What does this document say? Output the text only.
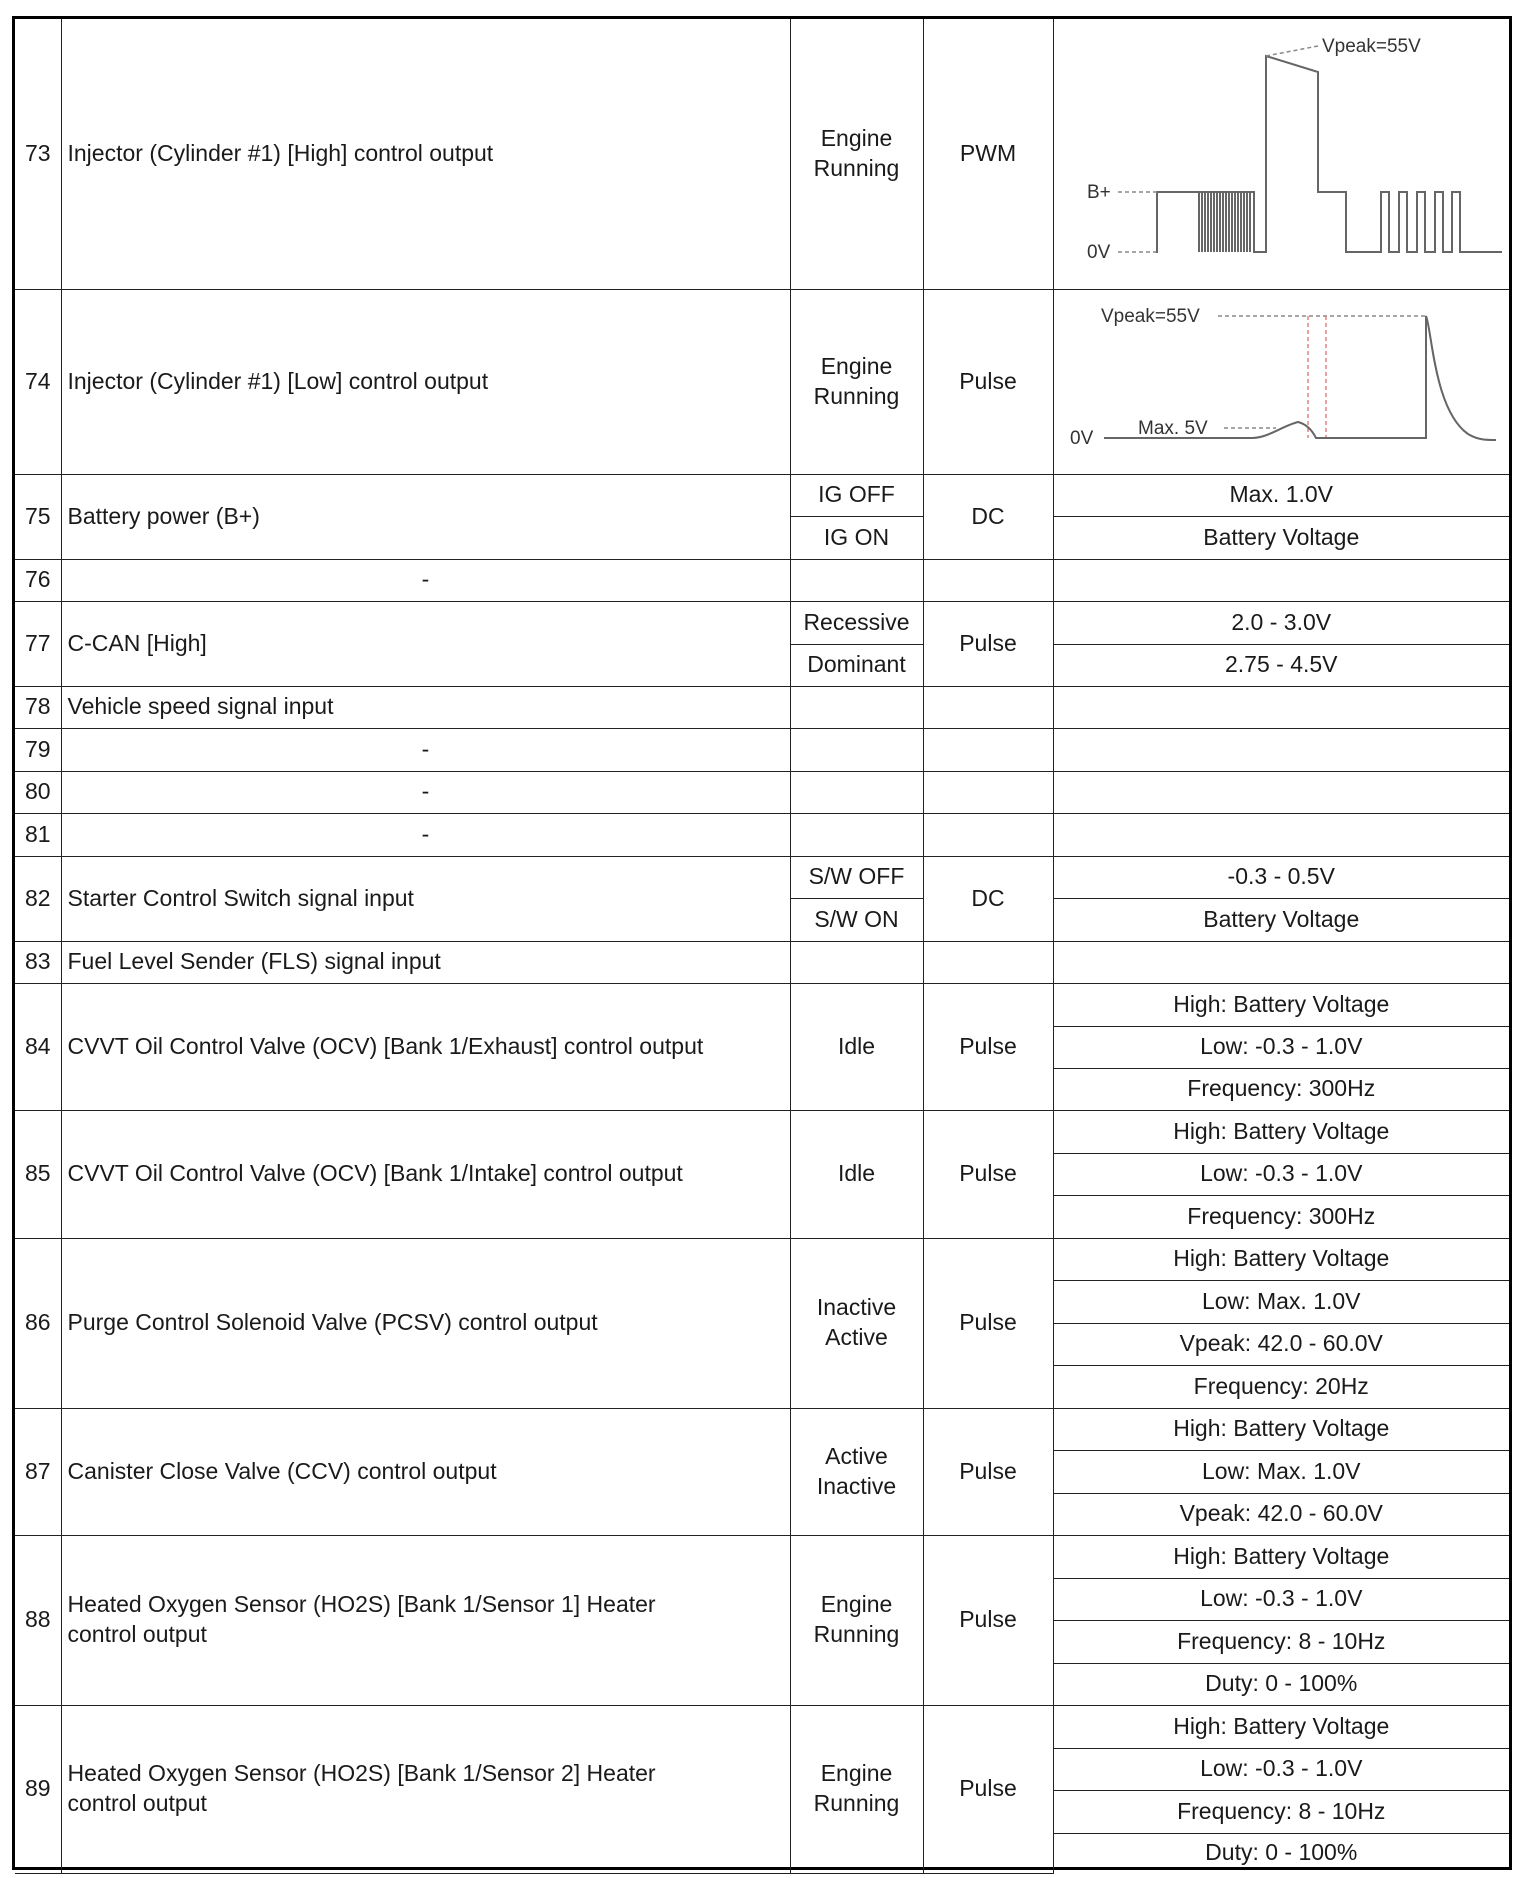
73	Injector (Cylinder #1) [High] control output	Engine
Running	PWM	Vpeak=55V
B+
0V

74	Injector (Cylinder #1) [Low] control output	Engine
Running	Pulse	Vpeak=55V
Max. 5V
0V

75	Battery power (B+)	IG OFF	DC	Max. 1.0V
		IG ON		Battery Voltage
76	-			
77	C-CAN [High]	Recessive	Pulse	2.0 - 3.0V
		Dominant		2.75 - 4.5V
78	Vehicle speed signal input			
79	-			
80	-			
81	-			
82	Starter Control Switch signal input	S/W OFF	DC	-0.3 - 0.5V
		S/W ON		Battery Voltage
83	Fuel Level Sender (FLS) signal input			
84	CVVT Oil Control Valve (OCV) [Bank 1/Exhaust] control output	Idle	Pulse	High: Battery Voltage
				Low: -0.3 - 1.0V
				Frequency: 300Hz
85	CVVT Oil Control Valve (OCV) [Bank 1/Intake] control output	Idle	Pulse	High: Battery Voltage
				Low: -0.3 - 1.0V
				Frequency: 300Hz
86	Purge Control Solenoid Valve (PCSV) control output	Inactive
Active	Pulse	High: Battery Voltage
				Low: Max. 1.0V
				Vpeak: 42.0 - 60.0V
				Frequency: 20Hz
87	Canister Close Valve (CCV) control output	Active
Inactive	Pulse	High: Battery Voltage
				Low: Max. 1.0V
				Vpeak: 42.0 - 60.0V
88	Heated Oxygen Sensor (HO2S) [Bank 1/Sensor 1] Heater control output	Engine
Running	Pulse	High: Battery Voltage
				Low: -0.3 - 1.0V
				Frequency: 8 - 10Hz
				Duty: 0 - 100%
89	Heated Oxygen Sensor (HO2S) [Bank 1/Sensor 2] Heater control output	Engine
Running	Pulse	High: Battery Voltage
				Low: -0.3 - 1.0V
				Frequency: 8 - 10Hz
				Duty: 0 - 100%
